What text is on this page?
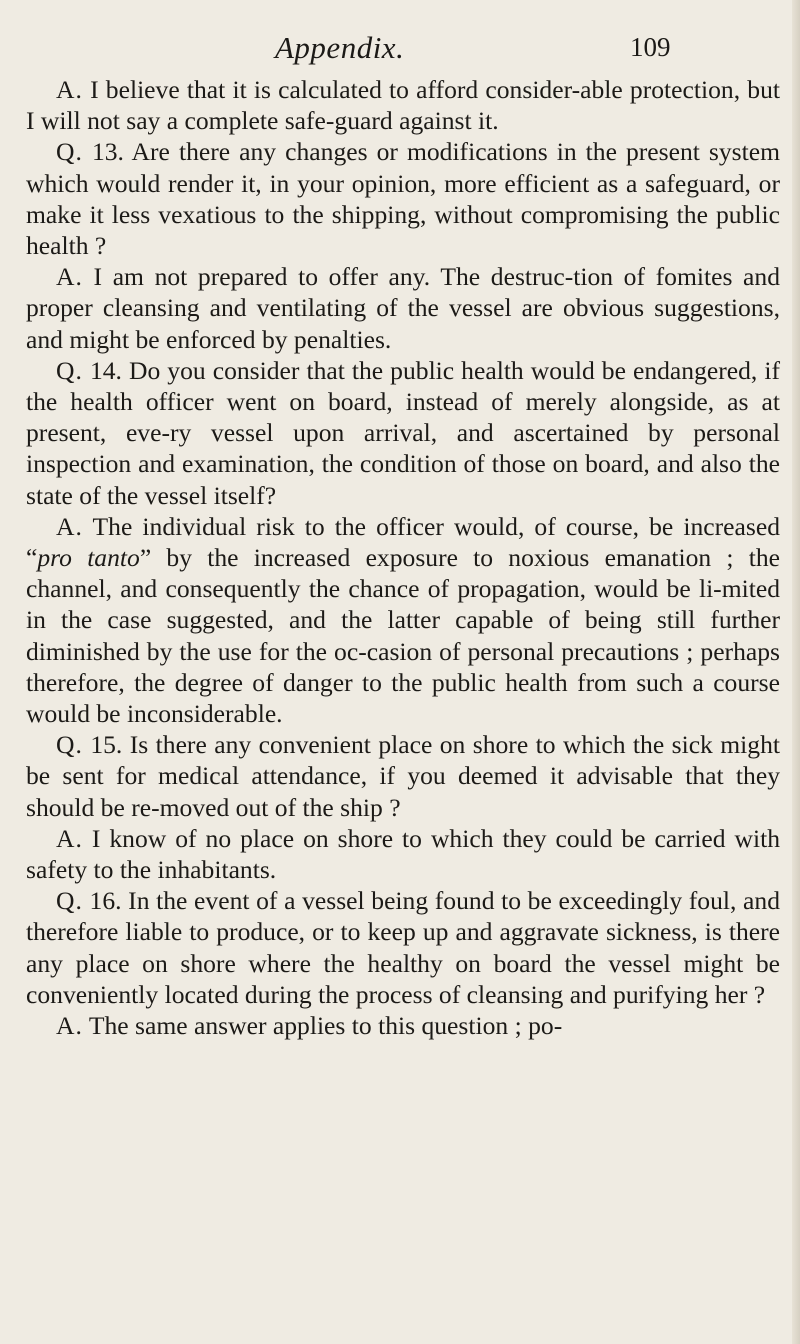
Appendix.	109

A. I believe that it is calculated to afford consider-able protection, but I will not say a complete safe-guard against it.

Q. 13. Are there any changes or modifications in the present system which would render it, in your opinion, more efficient as a safeguard, or make it less vexatious to the shipping, without compromising the public health ?

A. I am not prepared to offer any. The destruc-tion of fomites and proper cleansing and ventilating of the vessel are obvious suggestions, and might be enforced by penalties.

Q. 14. Do you consider that the public health would be endangered, if the health officer went on board, instead of merely alongside, as at present, eve-ry vessel upon arrival, and ascertained by personal inspection and examination, the condition of those on board, and also the state of the vessel itself?

A. The individual risk to the officer would, of course, be increased “pro tanto” by the increased exposure to noxious emanation ; the channel, and consequently the chance of propagation, would be li-mited in the case suggested, and the latter capable of being still further diminished by the use for the oc-casion of personal precautions ; perhaps therefore, the degree of danger to the public health from such a course would be inconsiderable.

Q. 15. Is there any convenient place on shore to which the sick might be sent for medical attendance, if you deemed it advisable that they should be re-moved out of the ship ?

A. I know of no place on shore to which they could be carried with safety to the inhabitants.

Q. 16. In the event of a vessel being found to be exceedingly foul, and therefore liable to produce, or to keep up and aggravate sickness, is there any place on shore where the healthy on board the vessel might be conveniently located during the process of cleansing and purifying her ?

A. The same answer applies to this question ; po-
